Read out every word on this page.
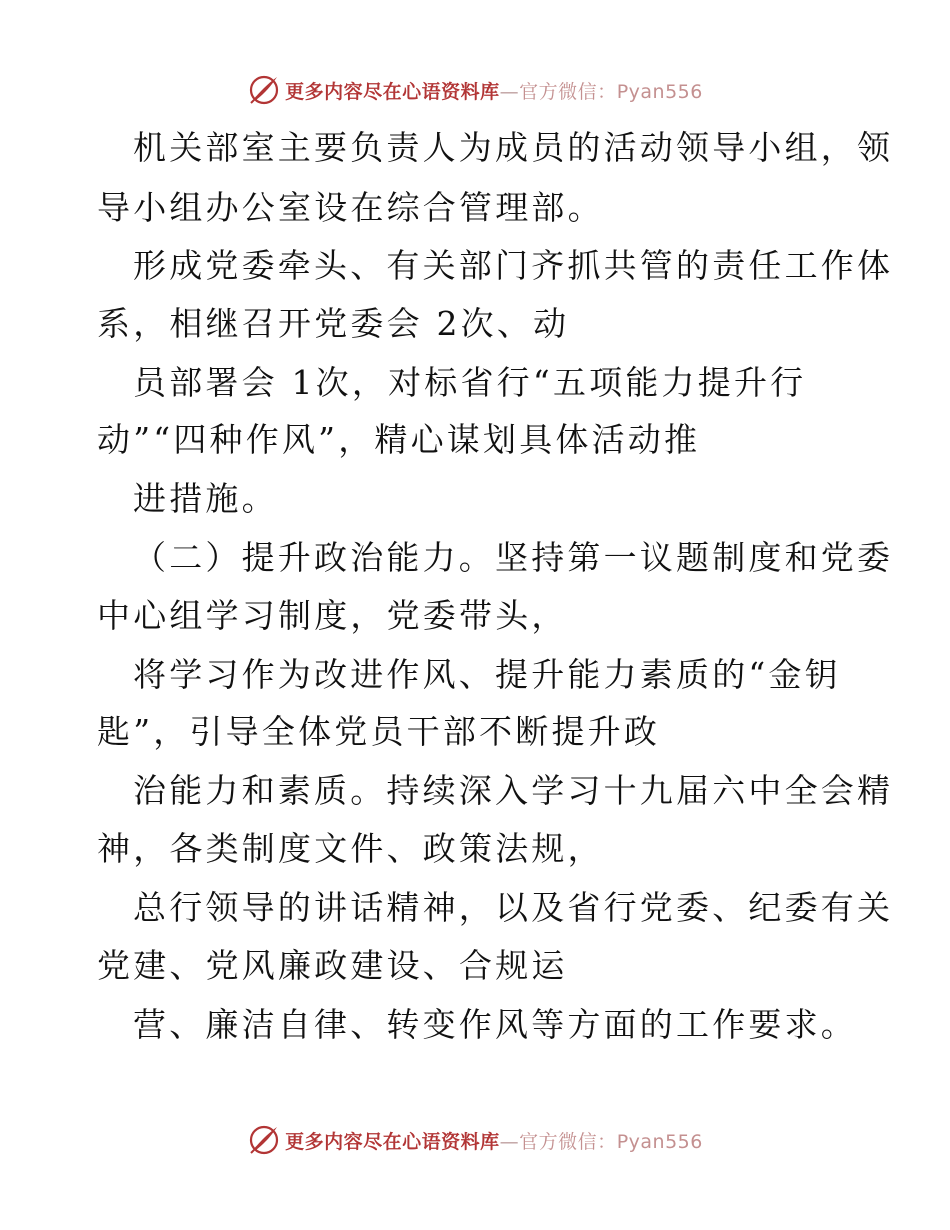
更多内容尽在心语资料库—官方微信：Pyan556
机关部室主要负责人为成员的活动领导小组，领
导小组办公室设在综合管理部。
形成党委牵头、有关部门齐抓共管的责任工作体
系，相继召开党委会 2次、动
员部署会 1次，对标省行“五项能力提升行
动”“四种作风”，精心谋划具体活动推
进措施。
（二）提升政治能力。坚持第一议题制度和党委
中心组学习制度，党委带头，
将学习作为改进作风、提升能力素质的“金钥
匙”，引导全体党员干部不断提升政
治能力和素质。持续深入学习十九届六中全会精
神，各类制度文件、政策法规，
总行领导的讲话精神，以及省行党委、纪委有关
党建、党风廉政建设、合规运
营、廉洁自律、转变作风等方面的工作要求。
更多内容尽在心语资料库—官方微信：Pyan556
